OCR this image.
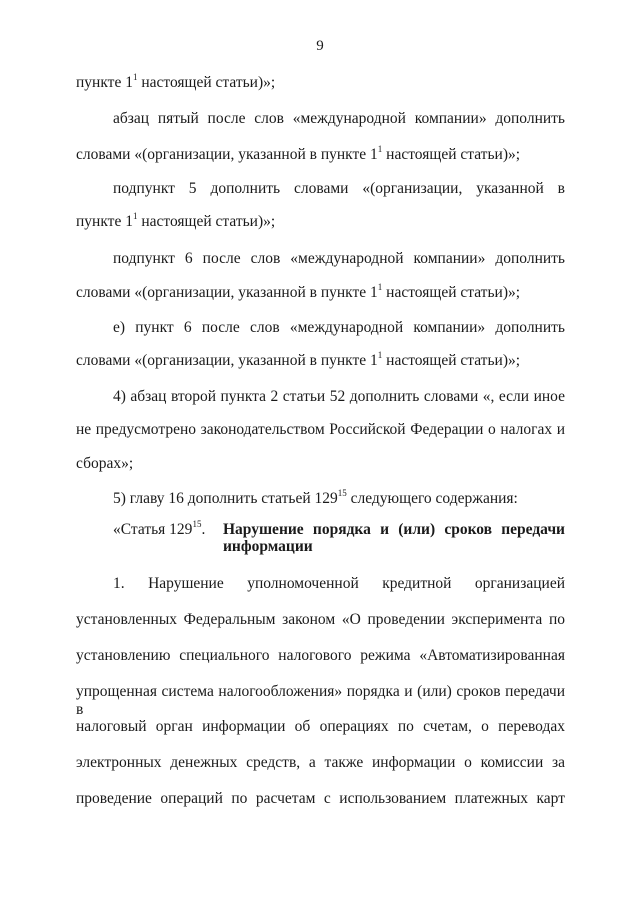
9
пункте $1^1$ настоящей статьи)»;
абзац пятый после слов «международной компании» дополнить
словами «(организации, указанной в пункте $1^1$ настоящей статьи)»;
подпункт 5 дополнить словами «(организации, указанной в
пункте $1^1$ настоящей статьи)»;
подпункт 6 после слов «международной компании» дополнить
словами «(организации, указанной в пункте $1^1$ настоящей статьи)»;
е) пункт 6 после слов «международной компании» дополнить
словами «(организации, указанной в пункте $1^1$ настоящей статьи)»;
4) абзац второй пункта 2 статьи 52 дополнить словами «, если иное
не предусмотрено законодательством Российской Федерации о налогах и
сборах»;
5) главу 16 дополнить статьей $129^{15}$ следующего содержания:
«Статья $129^{15}$. Нарушение порядка и (или) сроков передачи информации
1. Нарушение уполномоченной кредитной организацией
установленных Федеральным законом «О проведении эксперимента по
установлению специального налогового режима «Автоматизированная
упрощенная система налогообложения» порядка и (или) сроков передачи в
налоговый орган информации об операциях по счетам, о переводах
электронных денежных средств, а также информации о комиссии за
проведение операций по расчетам с использованием платежных карт
